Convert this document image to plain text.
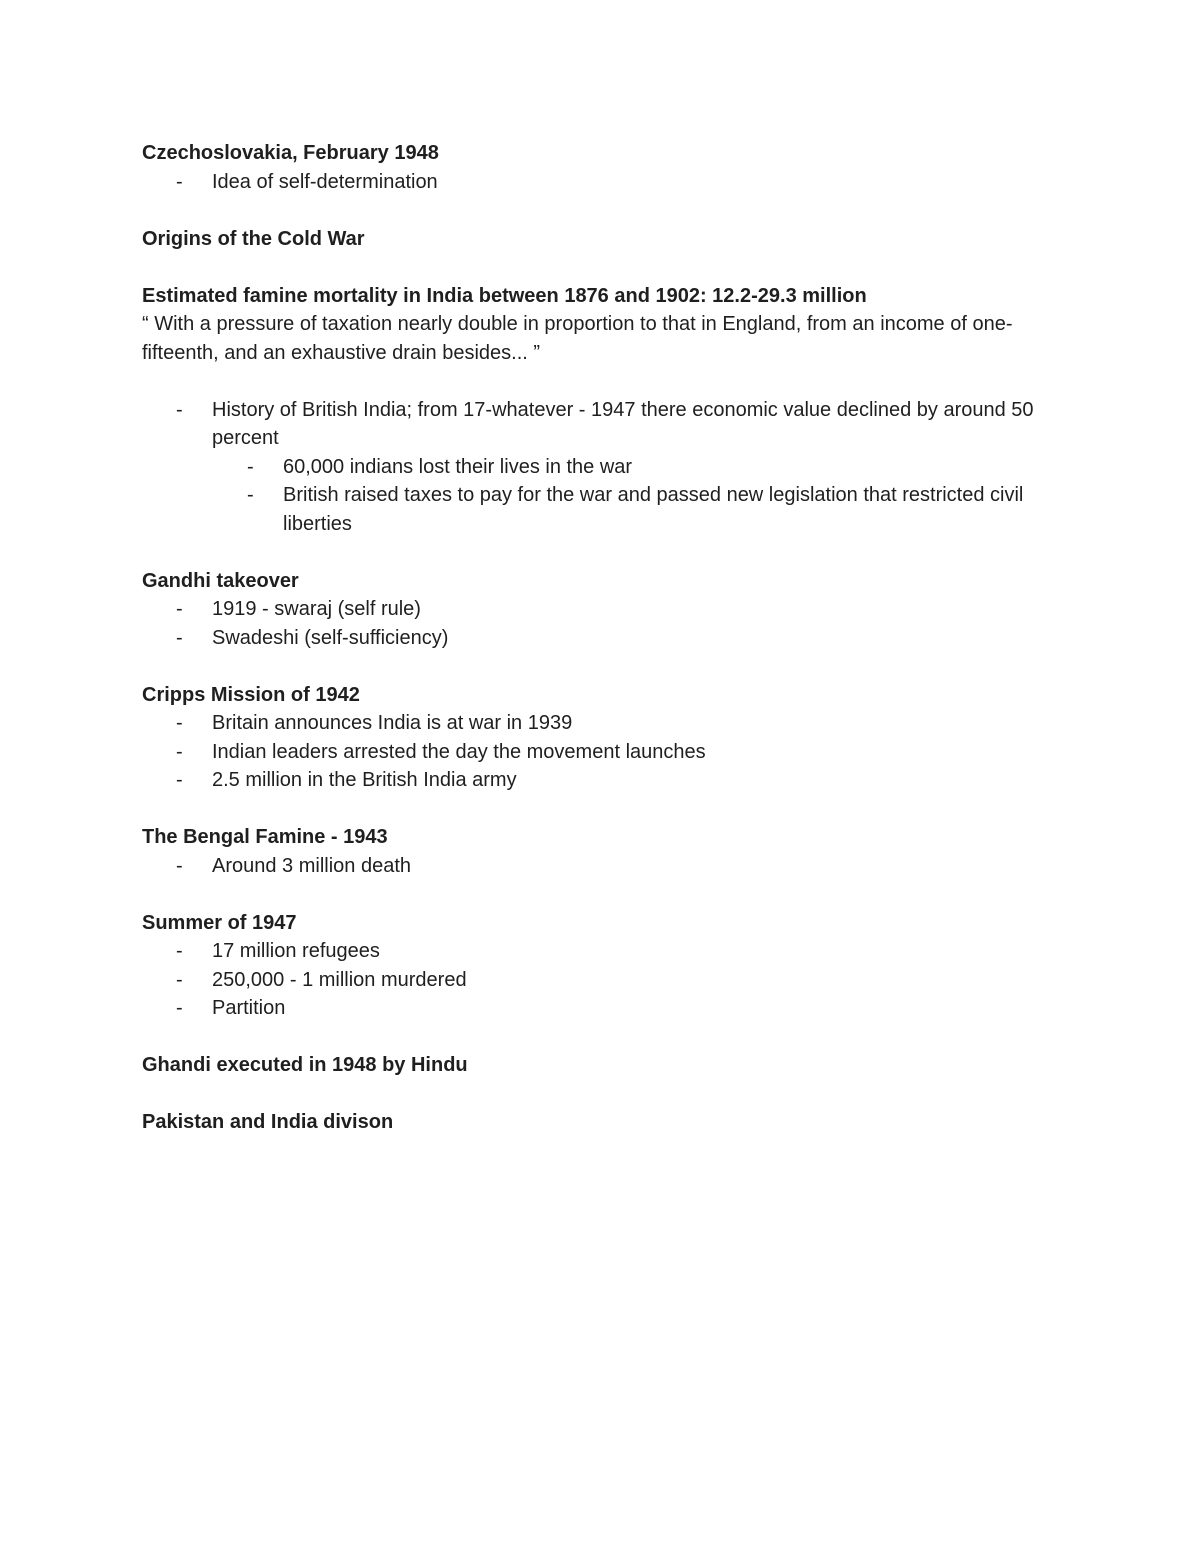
Czechoslovakia, February 1948

- Idea of self-determination

Origins of the Cold War

Estimated famine mortality in India between 1876 and 1902: 12.2-29.3 million

“ With a pressure of taxation nearly double in proportion to that in England, from an income of one-fifteenth, and an exhaustive drain besides... ”

- History of British India; from 17-whatever - 1947 there economic value declined by around 50 percent
- 60,000 indians lost their lives in the war
- British raised taxes to pay for the war and passed new legislation that restricted civil liberties

Gandhi takeover

- 1919 - swaraj (self rule)
- Swadeshi (self-sufficiency)

Cripps Mission of 1942

- Britain announces India is at war in 1939
- Indian leaders arrested the day the movement launches
- 2.5 million in the British India army

The Bengal Famine - 1943

- Around 3 million death

Summer of 1947

- 17 million refugees
- 250,000 - 1 million murdered
- Partition

Ghandi executed in 1948 by Hindu

Pakistan and India divison
